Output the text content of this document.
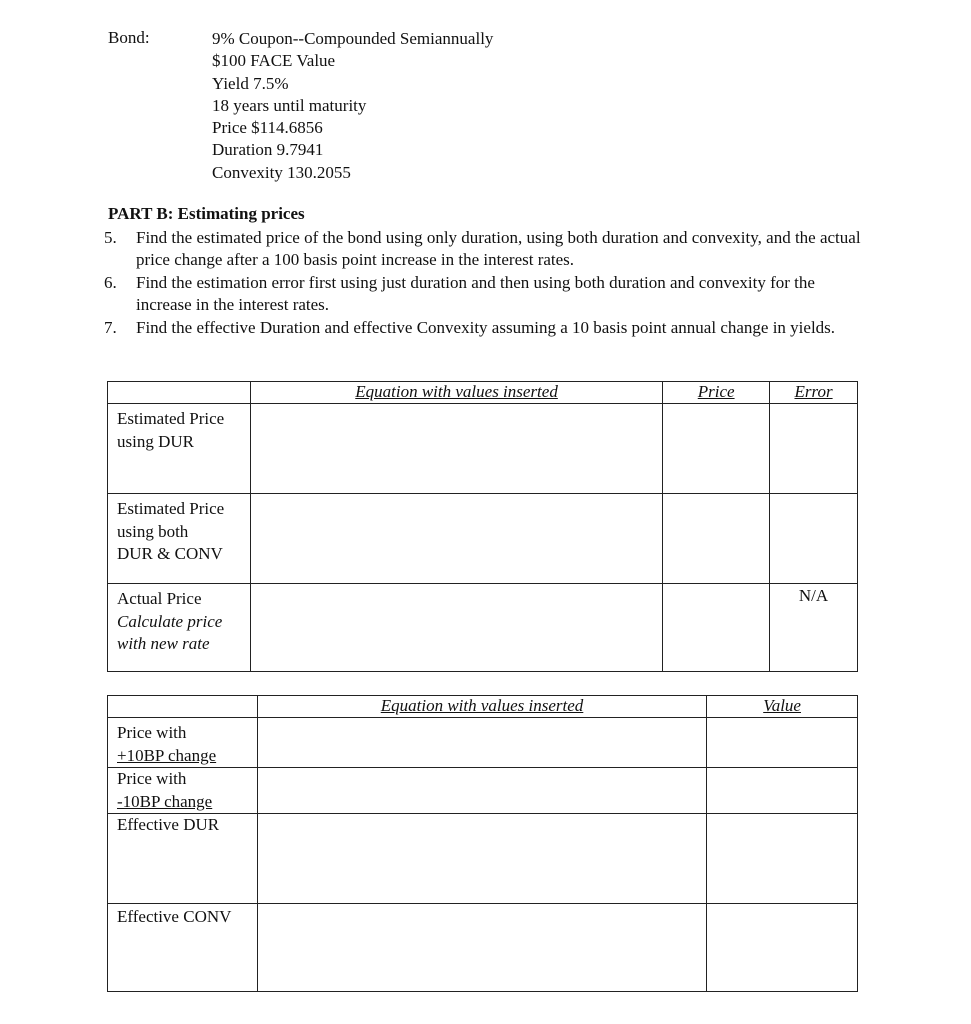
Bond:	9% Coupon--Compounded Semiannually
$100 FACE Value
Yield 7.5%
18 years until maturity
Price $114.6856
Duration 9.7941
Convexity 130.2055
PART B: Estimating prices
5.	Find the estimated price of the bond using only duration, using both duration and convexity, and the actual price change after a 100 basis point increase in the interest rates.
6.	Find the estimation error first using just duration and then using both duration and convexity for the increase in the interest rates.
7.	Find the effective Duration and effective Convexity assuming a 10 basis point annual change in yields.
	Equation with values inserted	Price	Error

Estimated Price
using DUR			

Estimated Price
using both
DUR & CONV			

Actual Price
Calculate price
with new rate			N/A
	Equation with values inserted	Value

Price with
+10BP change		

Price with
-10BP change		

Effective DUR		

Effective CONV		
